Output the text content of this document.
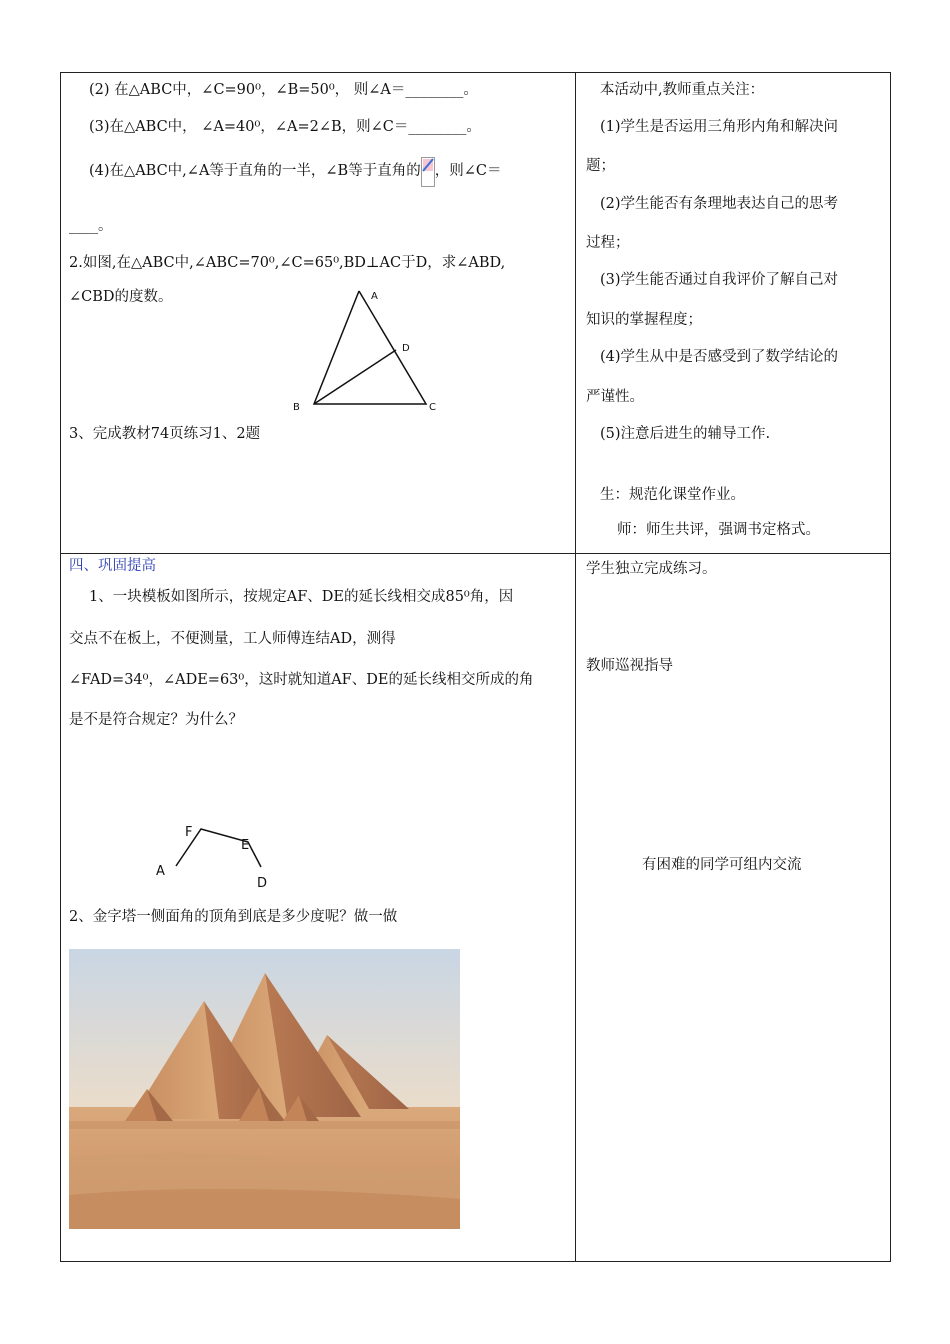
(2) 在△ABC中，∠C=90⁰，∠B=50⁰， 则∠A＝________。
(3)在△ABC中， ∠A=40⁰，∠A=2∠B，则∠C＝________。
(4)在△ABC中,∠A等于直角的一半，∠B等于直角的 ，则∠C＝
____。
2.如图,在△ABC中,∠ABC=70⁰,∠C=65⁰,BD⊥AC于D，求∠ABD,
∠CBD的度数。	A
D
B	C
3、完成教材74页练习1、2题
本活动中,教师重点关注：
(1)学生是否运用三角形内角和解决问
题；
(2)学生能否有条理地表达自己的思考
过程；
(3)学生能否通过自我评价了解自己对
知识的掌握程度；
(4)学生从中是否感受到了数学结论的
严谨性。
(5)注意后进生的辅导工作.
生：规范化课堂作业。
师：师生共评，强调书定格式。
四、巩固提高
1、一块模板如图所示，按规定AF、DE的延长线相交成85⁰角，因
交点不在板上，不便测量，工人师傅连结AD，测得
∠FAD=34⁰，∠ADE=63⁰，这时就知道AF、DE的延长线相交所成的角
是不是符合规定？为什么？
F
E
A
D
2、金字塔一侧面角的顶角到底是多少度呢？做一做
学生独立完成练习。
教师巡视指导
有困难的同学可组内交流
